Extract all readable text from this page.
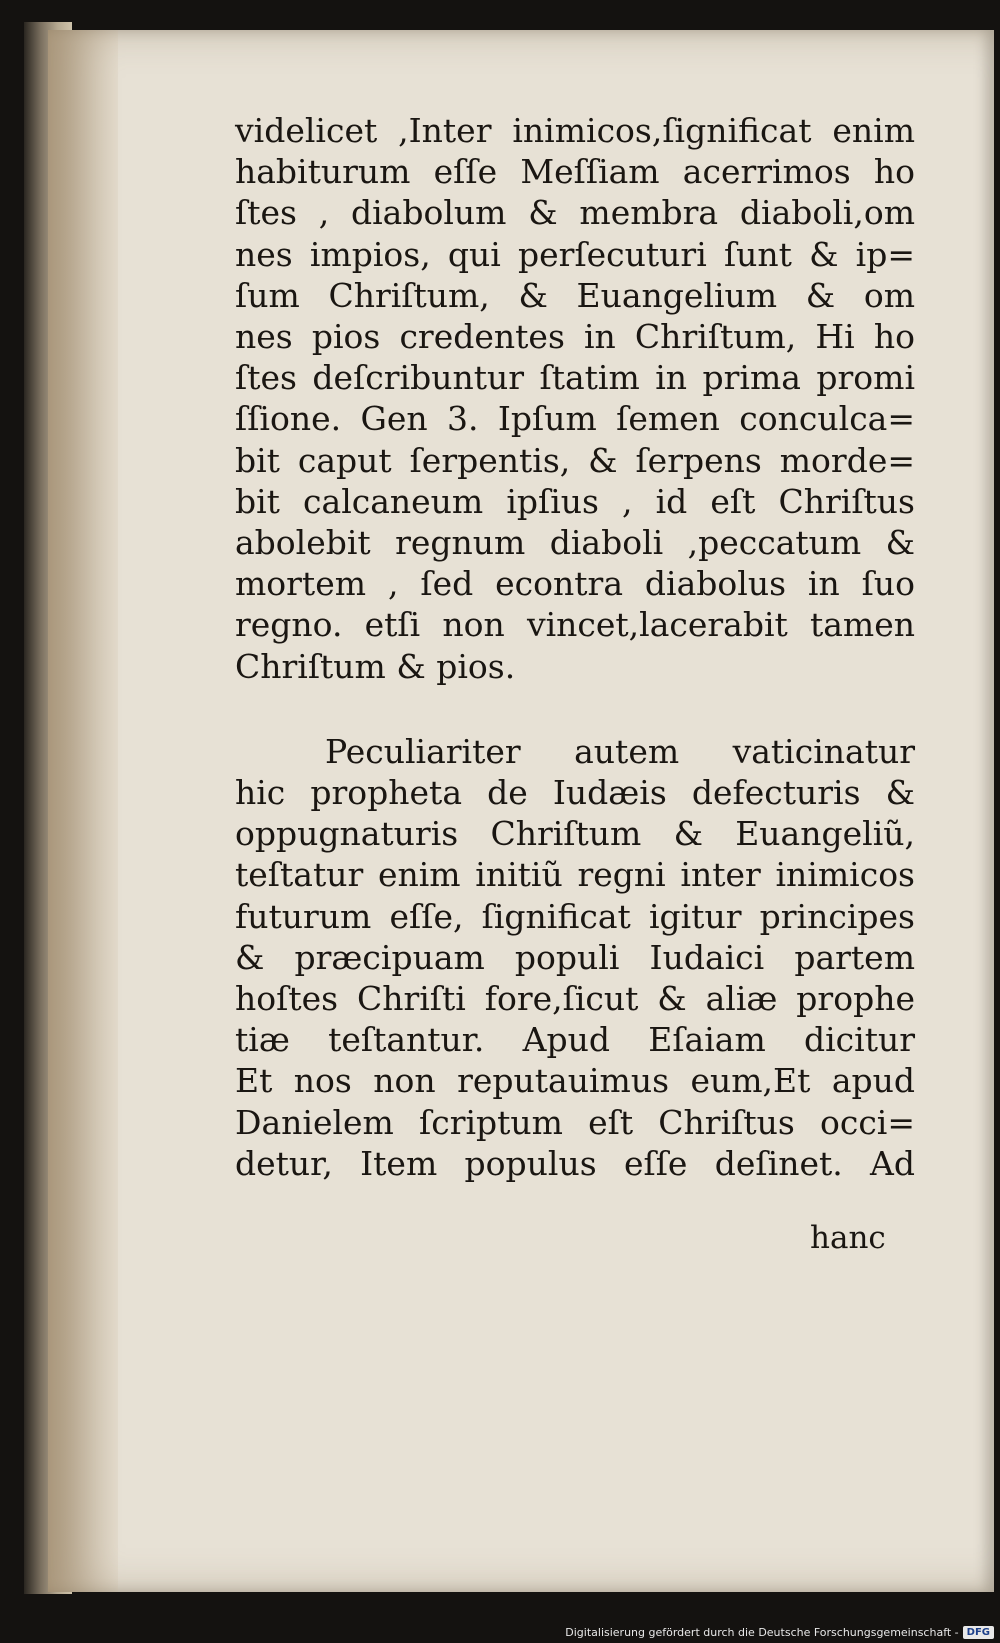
videlicet ,Inter inimicos,ſignificat enim
habiturum eſſe Meſſiam acerrimos ho
ſtes , diabolum & membra diaboli,om
nes impios, qui perſecuturi ſunt & ip=
ſum Chriſtum, & Euangelium & om
nes pios credentes in Chriſtum, Hi ho
ſtes deſcribuntur ſtatim in prima promi
ſſione. Gen 3. Ipſum ſemen conculca=
bit caput ſerpentis, & ſerpens morde=
bit calcaneum ipſius , id eſt Chriſtus
abolebit regnum diaboli ,peccatum &
mortem , ſed econtra diabolus in ſuo
regno. etſi non vincet,lacerabit tamen
Chriſtum & pios.
Peculiariter autem vaticinatur
hic propheta de Iudæis defecturis &
oppugnaturis Chriſtum & Euangeliũ,
teſtatur enim initiũ regni inter inimicos
futurum eſſe, ſignificat igitur principes
& præcipuam populi Iudaici partem
hoſtes Chriſti fore,ſicut & aliæ prophe
tiæ teſtantur. Apud Eſaiam dicitur
Et nos non reputauimus eum,Et apud
Danielem ſcriptum eſt Chriſtus occi=
detur, Item populus eſſe deſinet. Ad
hanc
Digitalisierung gefördert durch die Deutsche Forschungsgemeinschaft - DFG
